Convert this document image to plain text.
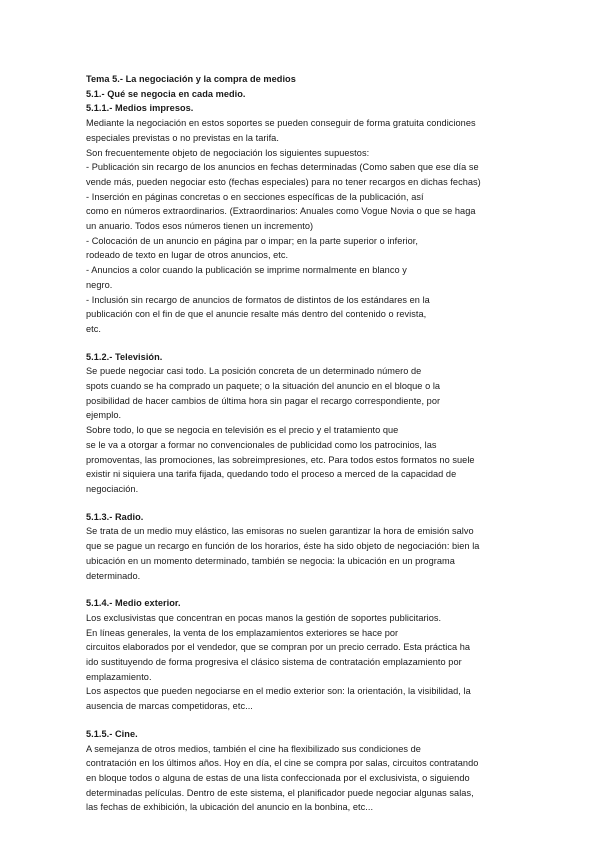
Tema 5.- La negociación y la compra de medios
5.1.- Qué se negocia en cada medio.
5.1.1.- Medios impresos.
Mediante la negociación en estos soportes se pueden conseguir de forma gratuita condiciones
especiales previstas o no previstas en la tarifa.
Son frecuentemente objeto de negociación los siguientes supuestos:
- Publicación sin recargo de los anuncios en fechas determinadas (Como saben que ese día se
vende más, pueden negociar esto (fechas especiales) para no tener recargos en dichas fechas)
- Inserción en páginas concretas o en secciones específicas de la publicación, así
como en números extraordinarios. (Extraordinarios: Anuales como Vogue Novia o que se haga
un anuario. Todos esos números tienen un incremento)
- Colocación de un anuncio en página par o impar; en la parte superior o inferior,
rodeado de texto en lugar de otros anuncios, etc.
- Anuncios a color cuando la publicación se imprime normalmente en blanco y
negro.
- Inclusión sin recargo de anuncios de formatos de distintos de los estándares en la
publicación con el fin de que el anuncie resalte más dentro del contenido o revista,
etc.
5.1.2.- Televisión.
Se puede negociar casi todo. La posición concreta de un determinado número de
spots cuando se ha comprado un paquete; o la situación del anuncio en el bloque o la
posibilidad de hacer cambios de última hora sin pagar el recargo correspondiente, por
ejemplo.
Sobre todo, lo que se negocia en televisión es el precio y el tratamiento que
se le va a otorgar a formar no convencionales de publicidad como los patrocinios, las
promoventas, las promociones, las sobreimpresiones, etc. Para todos estos formatos no suele
existir ni siquiera una tarifa fijada, quedando todo el proceso a merced de la capacidad de
negociación.
5.1.3.- Radio.
Se trata de un medio muy elástico, las emisoras no suelen garantizar la hora de emisión salvo
que se pague un recargo en función de los horarios, éste ha sido objeto de negociación: bien la
ubicación en un momento determinado, también se negocia: la ubicación en un programa
determinado.
5.1.4.- Medio exterior.
Los exclusivistas que concentran en pocas manos la gestión de soportes publicitarios.
En líneas generales, la venta de los emplazamientos exteriores se hace por
circuitos elaborados por el vendedor, que se compran por un precio cerrado. Esta práctica ha
ido sustituyendo de forma progresiva el clásico sistema de contratación emplazamiento por
emplazamiento.
Los aspectos que pueden negociarse en el medio exterior son: la orientación, la visibilidad, la
ausencia de marcas competidoras, etc...
5.1.5.- Cine.
A semejanza de otros medios, también el cine ha flexibilizado sus condiciones de
contratación en los últimos años. Hoy en día, el cine se compra por salas, circuitos contratando
en bloque todos o alguna de estas de una lista confeccionada por el exclusivista, o siguiendo
determinadas películas. Dentro de este sistema, el planificador puede negociar algunas salas,
las fechas de exhibición, la ubicación del anuncio en la bonbina, etc...
